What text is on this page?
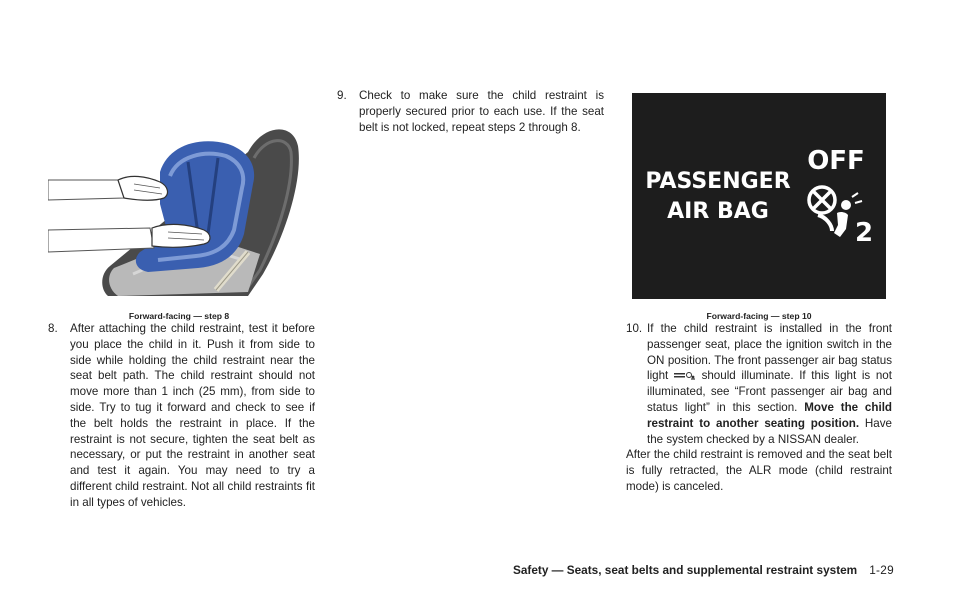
Forward-facing — step 8
8.	After attaching the child restraint, test it before you place the child in it. Push it from side to side while holding the child restraint near the seat belt path. The child restraint should not move more than 1 inch (25 mm), from side to side. Try to tug it forward and check to see if the belt holds the restraint in place. If the restraint is not secure, tighten the seat belt as necessary, or put the restraint in another seat and test it again. You may need to try a different child restraint. Not all child restraints fit in all types of vehicles.
9.	Check to make sure the child restraint is properly secured prior to each use. If the seat belt is not locked, repeat steps 2 through 8.
PASSENGER
AIR BAG
OFF
2
Forward-facing — step 10
10. If the child restraint is installed in the front passenger seat, place the ignition switch in the ON position. The front passenger air bag status light	should illuminate. If this light is not illuminated, see “Front passenger air bag and status light” in this section. Move the child restraint to another seating position. Have the system checked by a NISSAN dealer.

After the child restraint is removed and the seat belt is fully retracted, the ALR mode (child restraint mode) is canceled.

Safety — Seats, seat belts and supplemental restraint system 1-29
